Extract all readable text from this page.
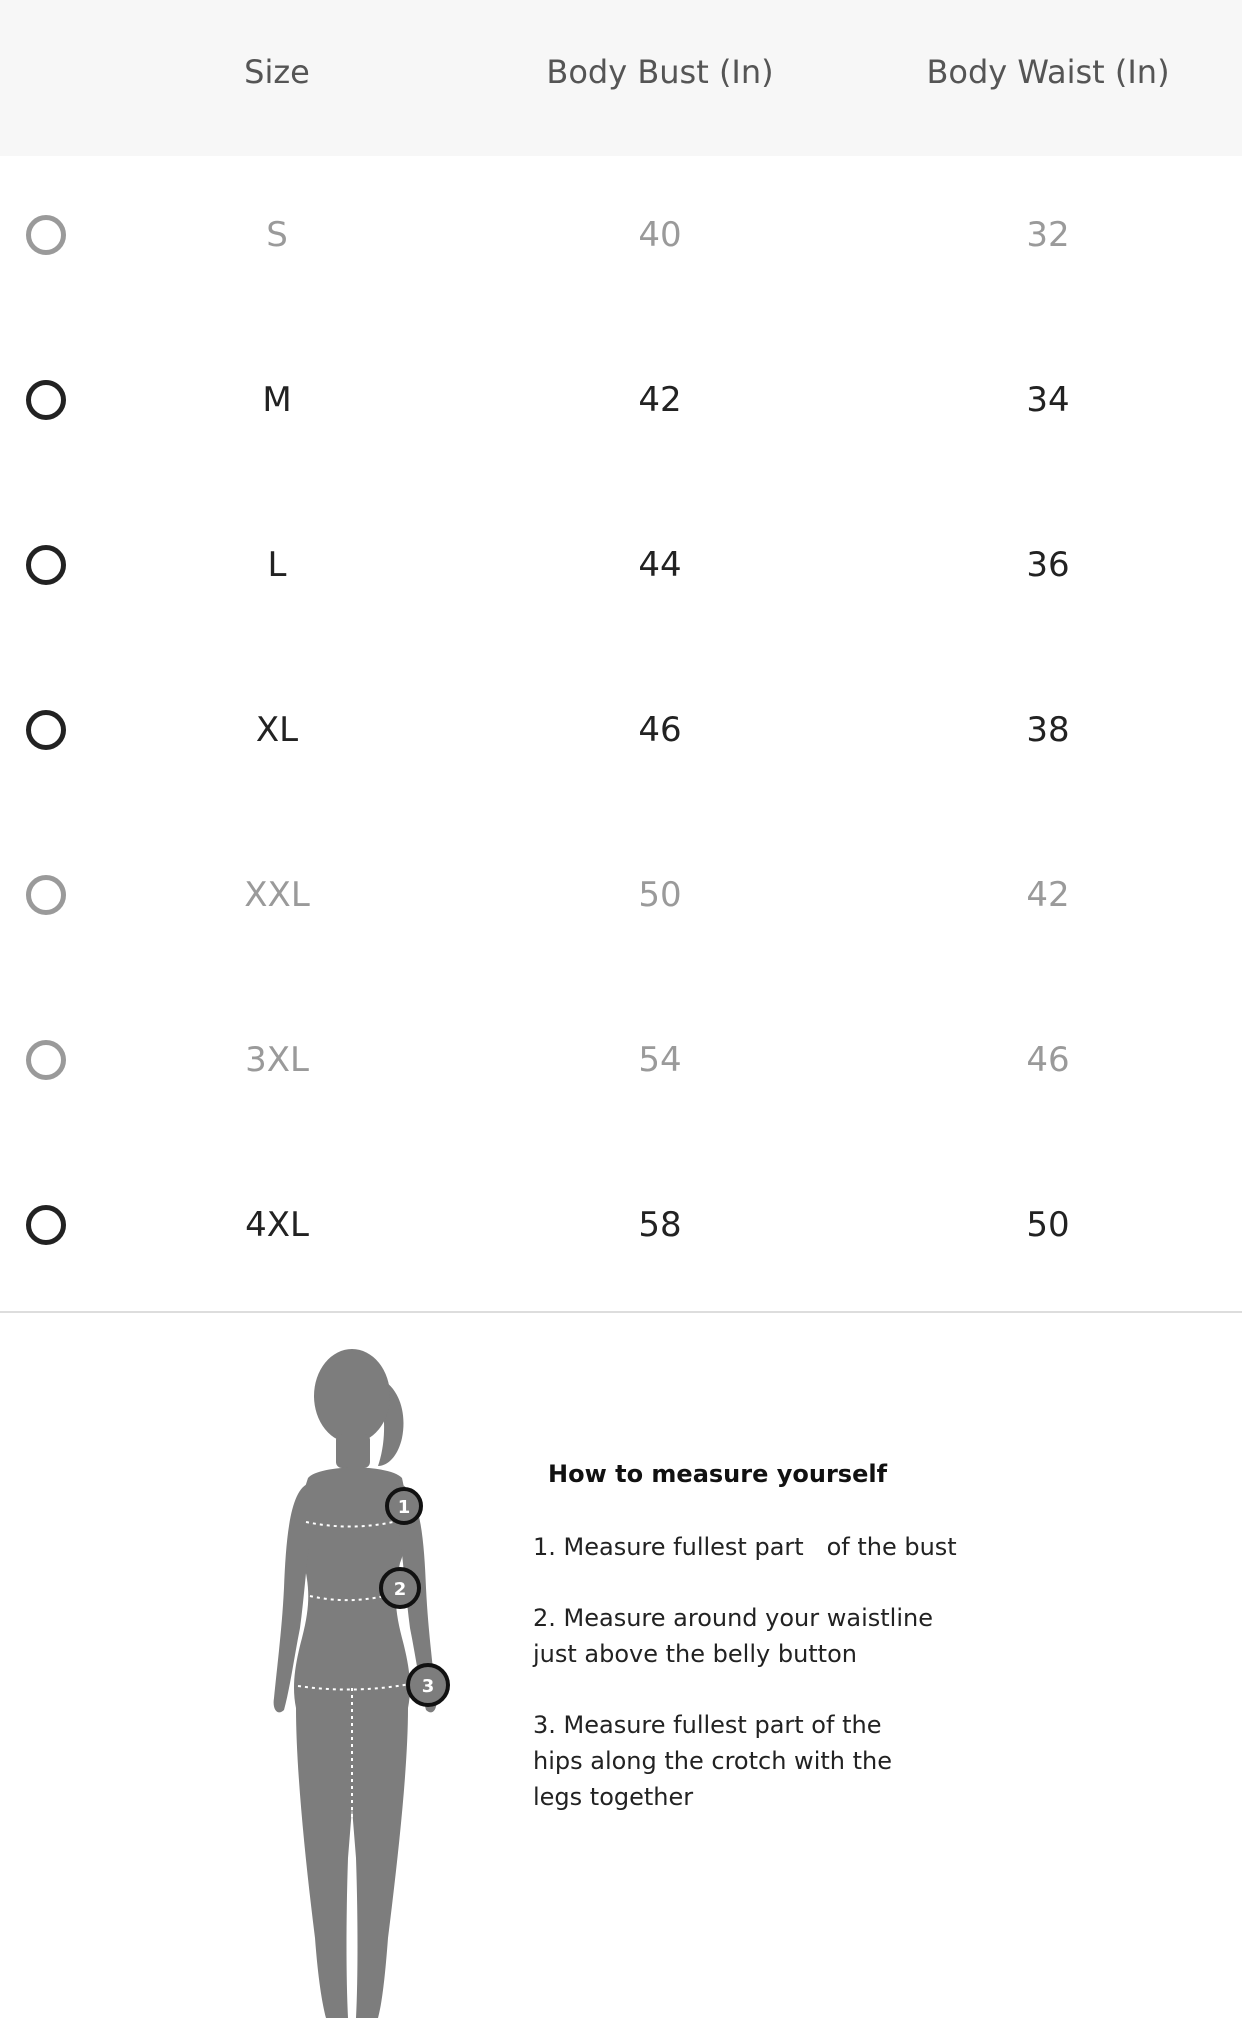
Size	Body Bust (In)	Body Waist (In)
S	40	32
M	42	34
L	44	36
XL	46	38
XXL	50	42
3XL	54	46
4XL	58	50
1
2
3
How to measure yourself
1. Measure fullest part   of the bust
2. Measure around your waistline just above the belly button
3. Measure fullest part of the hips along the crotch with the legs together
